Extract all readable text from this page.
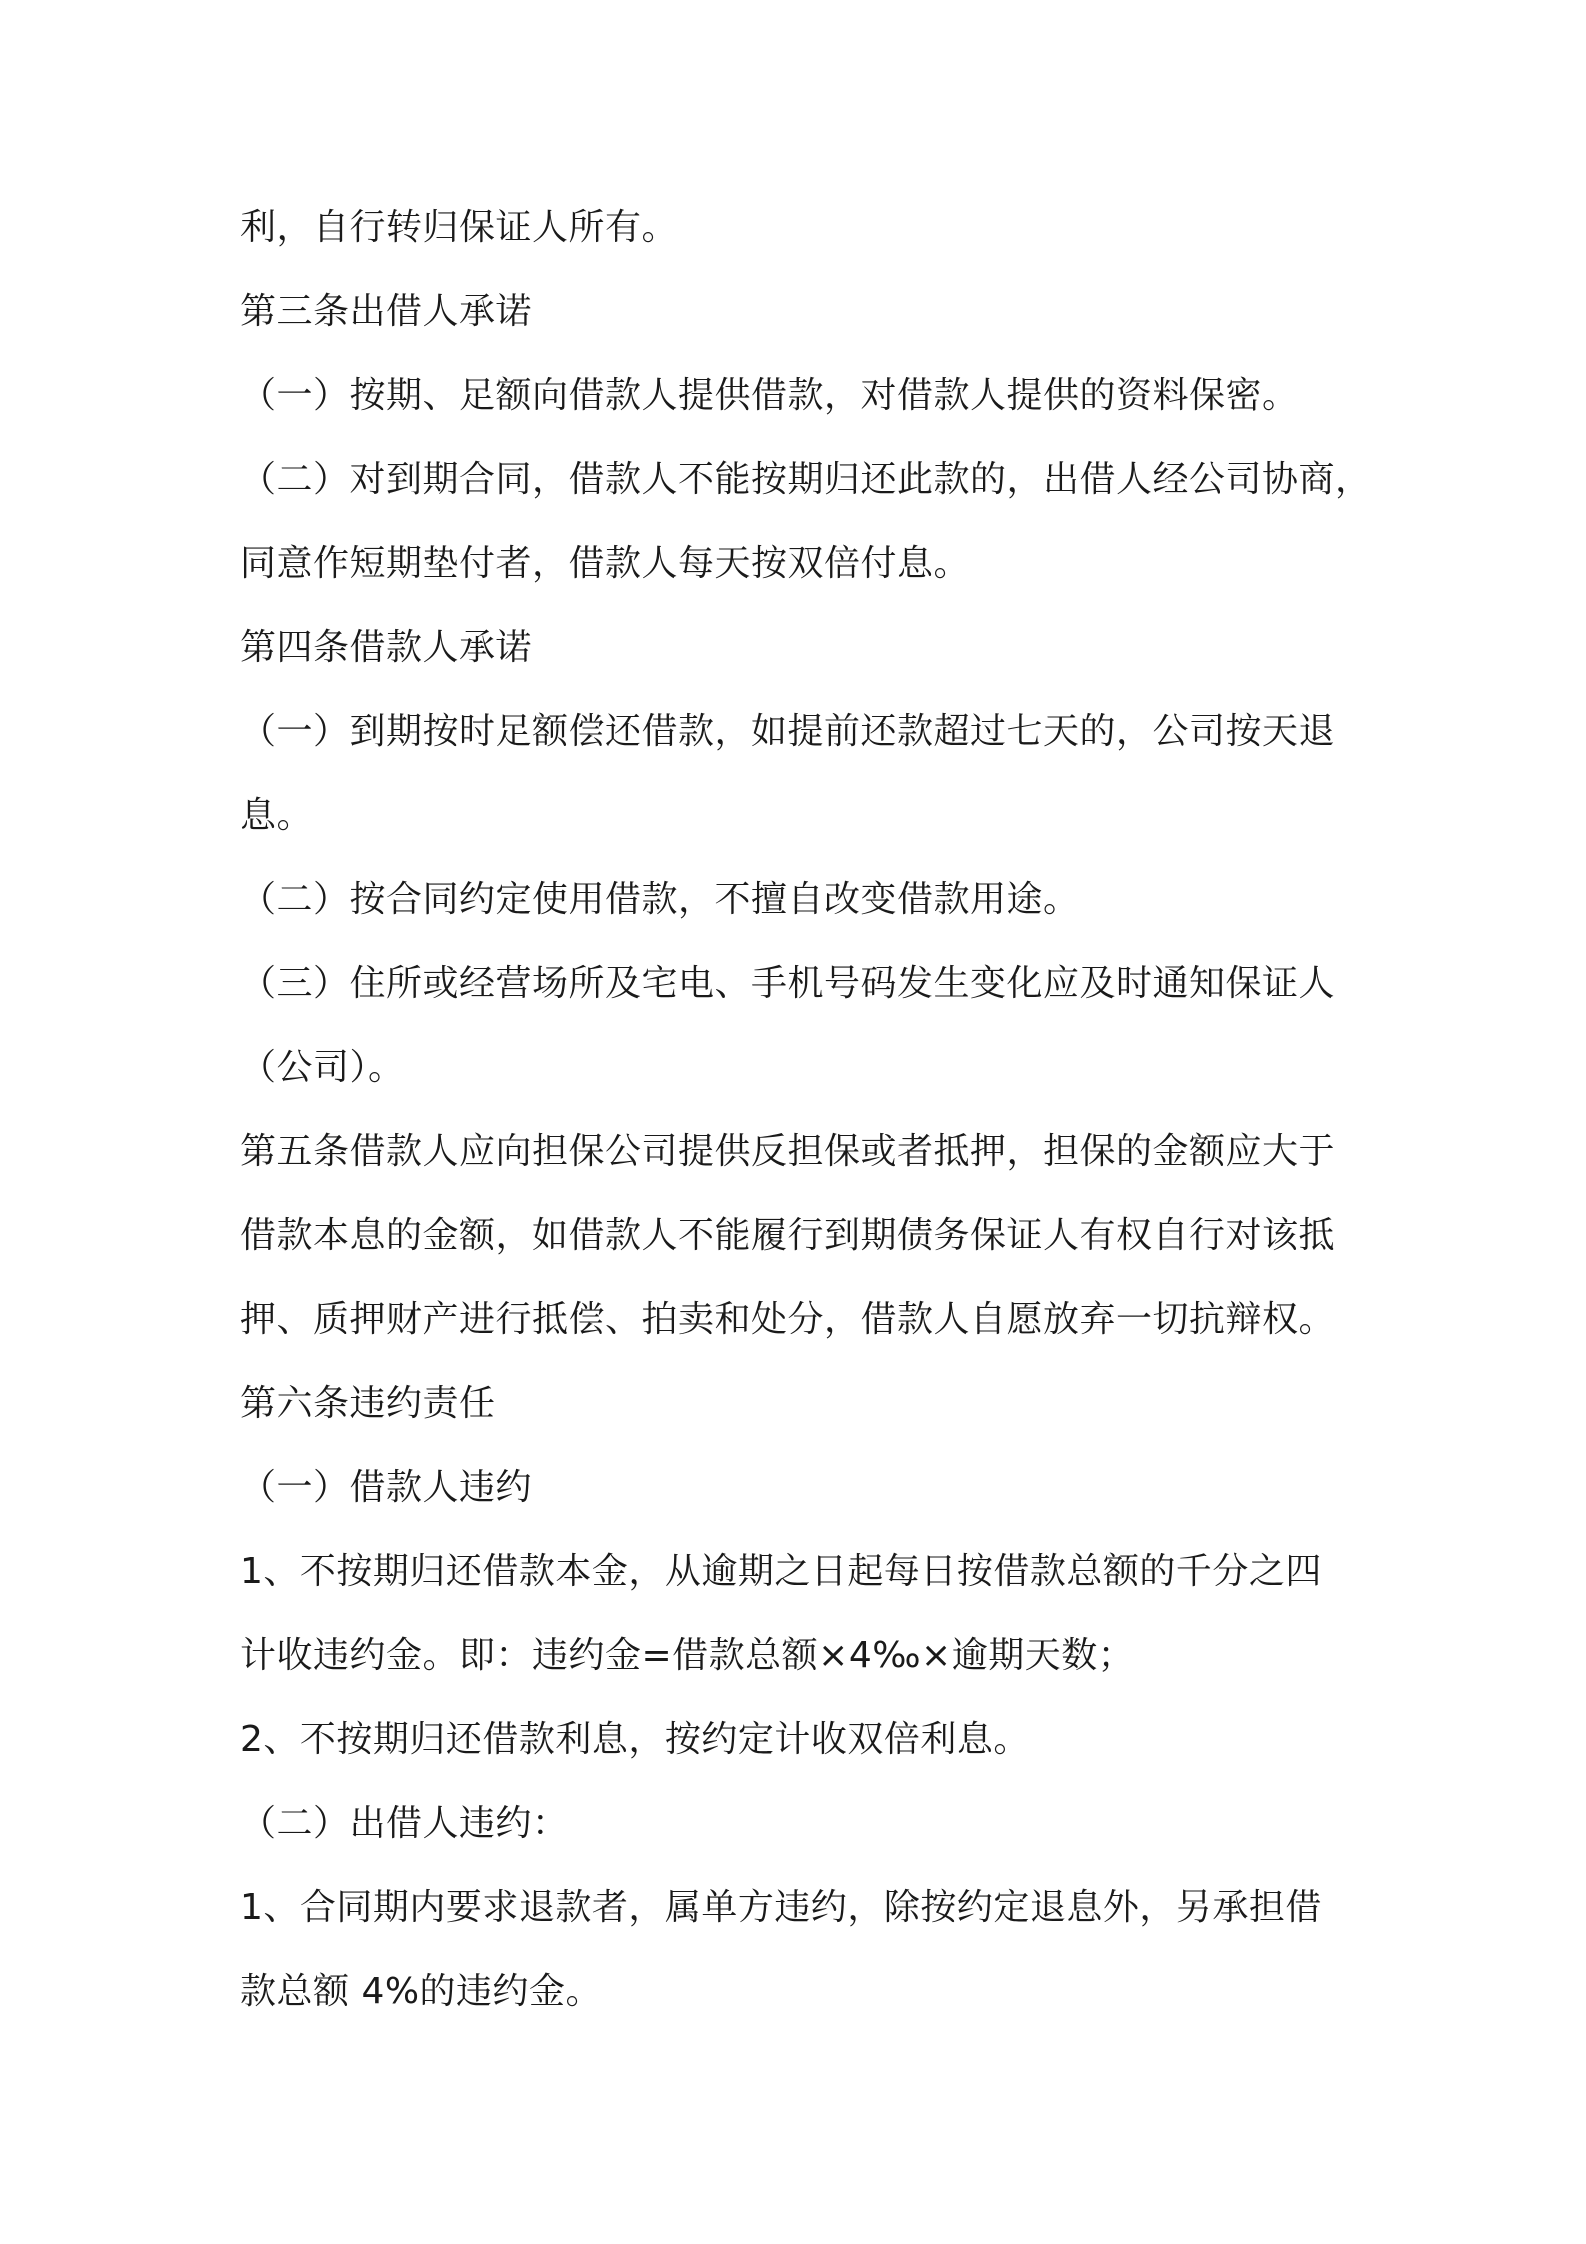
利，自行转归保证人所有。
第三条出借人承诺
（一）按期、足额向借款人提供借款，对借款人提供的资料保密。
（二）对到期合同，借款人不能按期归还此款的，出借人经公司协商，
同意作短期垫付者，借款人每天按双倍付息。
第四条借款人承诺
（一）到期按时足额偿还借款，如提前还款超过七天的，公司按天退
息。
（二）按合同约定使用借款，不擅自改变借款用途。
（三）住所或经营场所及宅电、手机号码发生变化应及时通知保证人
（公司）。
第五条借款人应向担保公司提供反担保或者抵押，担保的金额应大于
借款本息的金额，如借款人不能履行到期债务保证人有权自行对该抵
押、质押财产进行抵偿、拍卖和处分，借款人自愿放弃一切抗辩权。
第六条违约责任
（一）借款人违约
1、不按期归还借款本金，从逾期之日起每日按借款总额的千分之四
计收违约金。即：违约金=借款总额×4‰×逾期天数；
2、不按期归还借款利息，按约定计收双倍利息。
（二）出借人违约：
1、合同期内要求退款者，属单方违约，除按约定退息外，另承担借
款总额 4%的违约金。
